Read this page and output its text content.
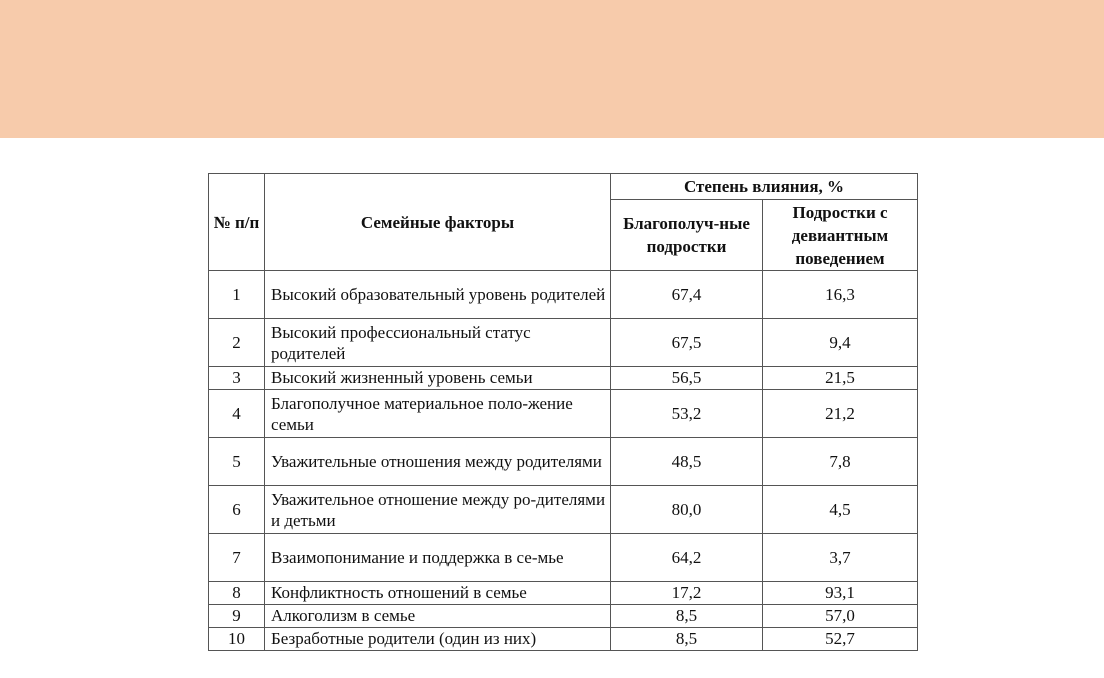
№ п/п	Семейные факторы	Степень влияния, %	
		Благополуч-ные подростки	Подростки с девиантным поведением
1	Высокий образовательный уровень родителей	67,4	16,3
2	Высокий профессиональный статус родителей	67,5	9,4
3	Высокий жизненный уровень семьи	56,5	21,5
4	Благополучное материальное поло-жение семьи	53,2	21,2
5	Уважительные отношения между родителями	48,5	7,8
6	Уважительное отношение между ро-дителями и детьми	80,0	4,5
7	Взаимопонимание и поддержка в се-мье	64,2	3,7
8	Конфликтность отношений в семье	17,2	93,1
9	Алкоголизм в семье	8,5	57,0
10	Безработные родители (один из них)	8,5	52,7
